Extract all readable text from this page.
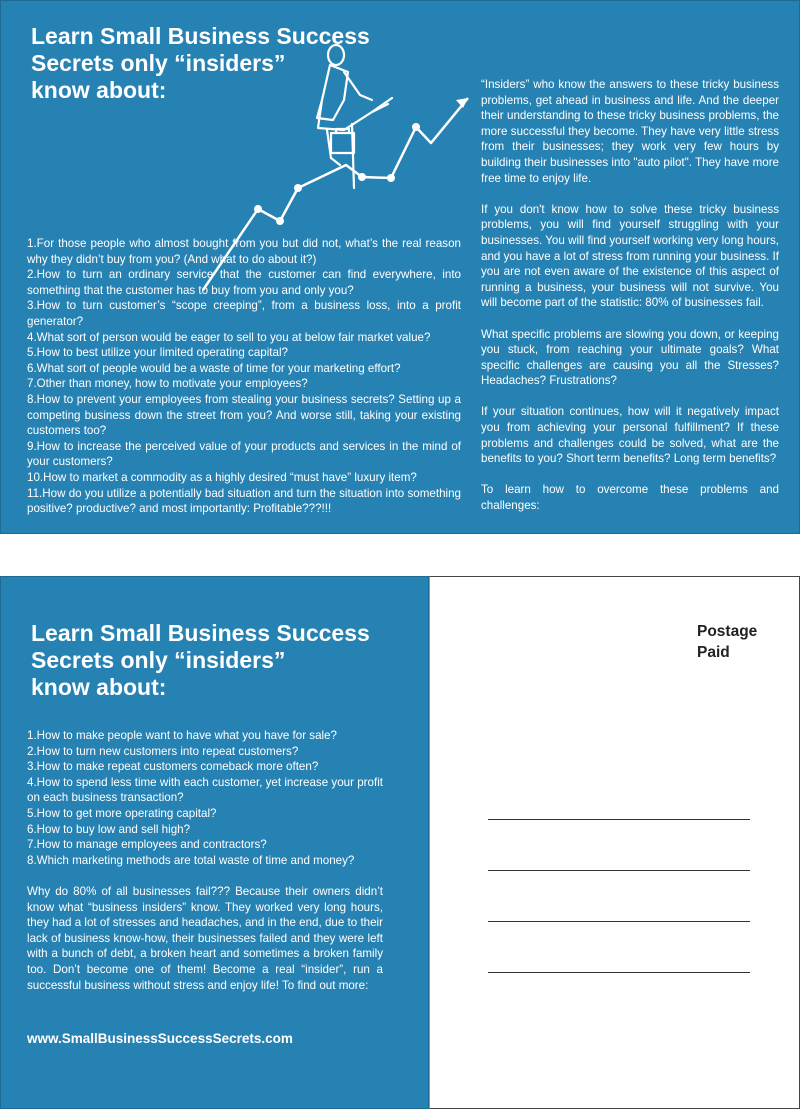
Learn Small Business Success
Secrets only “insiders”
know about:

1.For those people who almost bought from you but did not, what’s the real reason why they didn’t buy from you? (And what to do about it?)

2.How to turn an ordinary service that the customer can find everywhere, into something that the customer has to buy from you and only you?

3.How to turn customer’s “scope creeping”, from a business loss, into a profit generator?

4.What sort of person would be eager to sell to you at below fair market value?

5.How to best utilize your limited operating capital?

6.What sort of people would be a waste of time for your marketing effort?

7.Other than money, how to motivate your employees?

8.How to prevent your employees from stealing your business secrets? Setting up a competing business down the street from you? And worse still, taking your existing customers too?

9.How to increase the perceived value of your products and services in the mind of your customers?

10.How to market a commodity as a highly desired “must have” luxury item?

11.How do you utilize a potentially bad situation and turn the situation into something positive? productive? and most importantly: Profitable???!!!

“Insiders” who know the answers to these tricky business problems, get ahead in business and life. And the deeper their understanding to these tricky business problems, the more successful they become. They have very little stress from their businesses; they work very few hours by building their businesses into "auto pilot". They have more free time to enjoy life.

If you don't know how to solve these tricky business problems, you will find yourself struggling with your businesses. You will find yourself working very long hours, and you have a lot of stress from running your business. If you are not even aware of the existence of this aspect of running a business, your business will not survive. You will become part of the statistic: 80% of businesses fail.

What specific problems are slowing you down, or keeping you stuck, from reaching your ultimate goals? What specific challenges are causing you all the Stresses? Headaches? Frustrations?

If your situation continues, how will it negatively impact you from achieving your personal fulfillment? If these problems and challenges could be solved, what are the benefits to you? Short term benefits? Long term benefits?

To learn how to overcome these problems and challenges:

Learn Small Business Success
Secrets only “insiders”
know about:

1.How to make people want to have what you have for sale?

2.How to turn new customers into repeat customers?

3.How to make repeat customers comeback more often?

4.How to spend less time with each customer, yet increase your profit on each business transaction?

5.How to get more operating capital?

6.How to buy low and sell high?

7.How to manage employees and contractors?

8.Which marketing methods are total waste of time and money?

Why do 80% of all businesses fail??? Because their owners didn’t know what “business insiders” know. They worked very long hours, they had a lot of stresses and headaches, and in the end, due to their lack of business know-how, their businesses failed and they were left with a bunch of debt, a broken heart and sometimes a broken family too. Don’t become one of them! Become a real “insider”, run a successful business without stress and enjoy life! To find out more:

www.SmallBusinessSuccessSecrets.com
Postage
Paid
